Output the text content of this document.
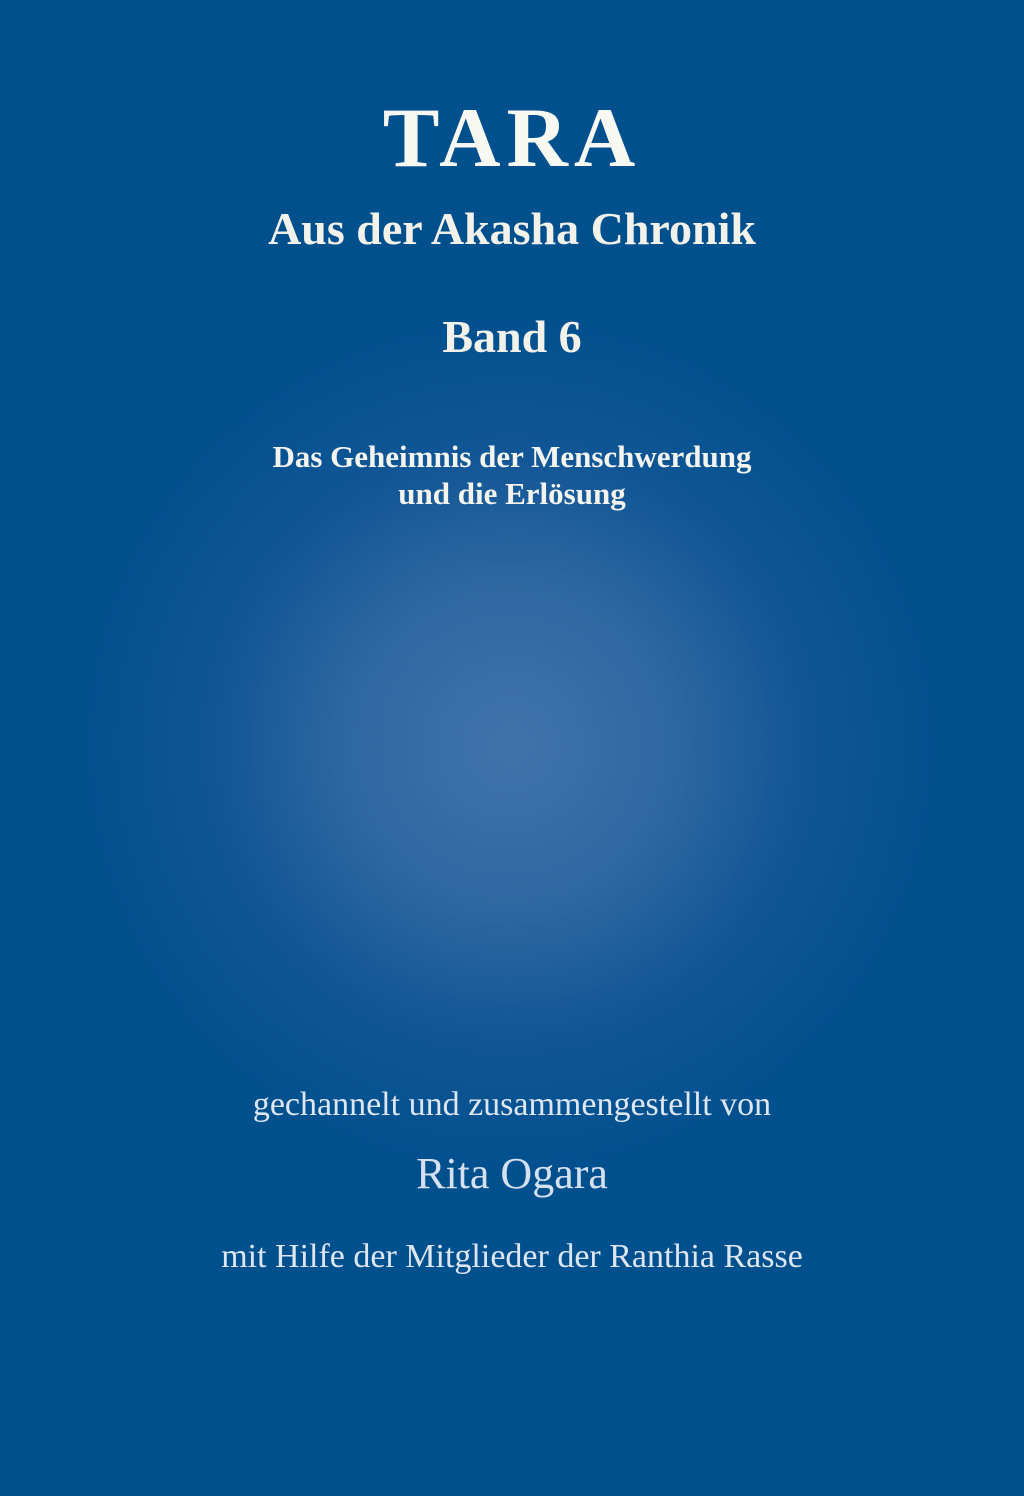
TARA
Aus der Akasha Chronik
Band 6
Das Geheimnis der Menschwerdung
und die Erlösung
gechannelt und zusammengestellt von
Rita Ogara
mit Hilfe der Mitglieder der Ranthia Rasse
